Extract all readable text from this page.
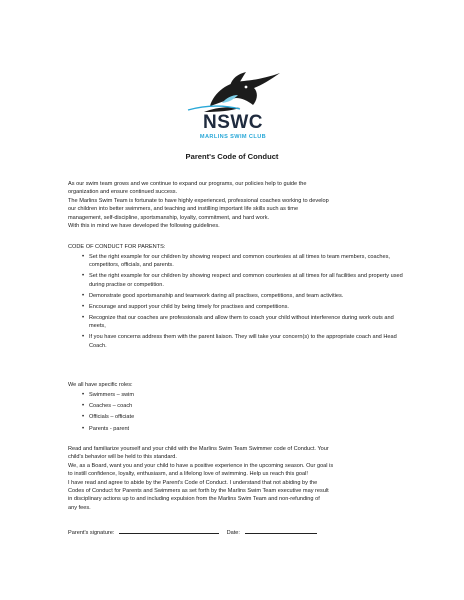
NSWC
MARLINS SWIM CLUB
Parent's Code of Conduct
As our swim team grows and we continue to expand our programs, our policies help to guide the
organization and ensure continued success.
The Marlins Swim Team is fortunate to have highly experienced, professional coaches working to develop
our children into better swimmers, and teaching and instilling important life skills such as time
management, self-discipline, sportsmanship, loyalty, commitment, and hard work.
With this in mind we have developed the following guidelines.
CODE OF CONDUCT FOR PARENTS:
• Set the right example for our children by showing respect and common courtesies at all times to team members, coaches, competitors, officials, and parents.
• Set the right example for our children by showing respect and common courtesies at all times for all facilities and property used during practise or competition.
• Demonstrate good sportsmanship and teamwork daring all practises, competitions, and team activities.
• Encourage and support your child by being timely for practises and competitions.
• Recognize that our coaches are professionals and allow them to coach your child without interference during work outs and meets,
• If you have concerns address them with the parent liaison. They will take your concern(s) to the appropriate coach and Head Coach.
We all have specific roles:
• Swimmers – swim
• Coaches – coach
• Officials – officiate
• Parents - parent
Read and familiarize yourself and your child with the Marlins Swim Team Swimmer code of Conduct. Your
child's behavior will be held to this standard.
We, as a Board, want you and your child to have a positive experience in the upcoming season. Our goal is
to instill confidence, loyalty, enthusiasm, and a lifelong love of swimming. Help us reach this goal!
I have read and agree to abide by the Parent's Code of Conduct. I understand that not abiding by the
Codes of Conduct for Parents and Swimmers as set forth by the Marlins Swim Team executive may result
in disciplinary actions up to and including expulsion from the Marlins Swim Team and non-refunding of
any fees.
Parent's signature:	Date:
